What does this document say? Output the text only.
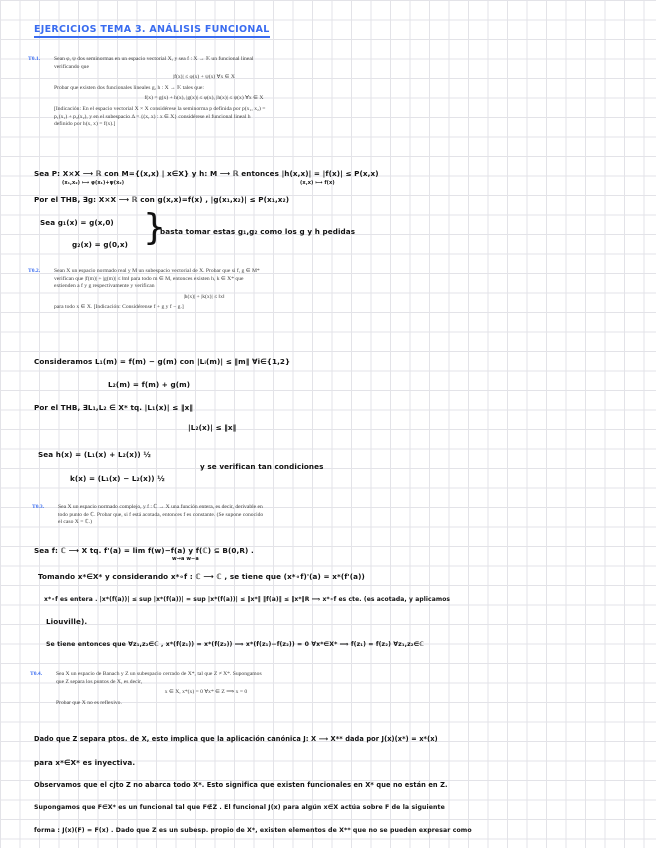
EJERCICIOS TEMA 3. ANÁLISIS FUNCIONAL
T0.1. Sean φ, ψ dos seminormas en un espacio vectorial X, y sea f : X → 𝕂 un funcional lineal

verificando que

|f(x)| ≤ φ(x) + ψ(x) ∀x ∈ X

Probar que existen dos funcionales lineales g, h : X → 𝕂 tales que:

f(x) = g(x) + h(x), |g(x)| ≤ φ(x), |h(x)| ≤ ψ(x) ∀x ∈ X

[Indicación: En el espacio vectorial X × X considérese la seminorma p definida por p(x₁, x₂) =

p₁(x₁) + p₂(x₂), y en el subespacio Δ = {(x, x) : x ∈ X} considérese el funcional lineal h

definido por h(x, x) = f(x).]

Sea P: X×X ⟶ ℝ con M={(x,x) | x∈X} y h: M ⟶ ℝ entonces |h(x,x)| = |f(x)| ≤ P(x,x)
(x₁,x₂) ⟼ φ(x₁)+ψ(x₂)	(x,x) ⟼ f(x)
Por el THB, ∃g: X×X ⟶ ℝ con g(x,x)=f(x) , |g(x₁,x₂)| ≤ P(x₁,x₂)
Sea g₁(x) = g(x,0)
g₂(x) = g(0,x) }
basta tomar estas g₁,g₂ como los g y h pedidas
T0.2. Sean X un espacio normado real y M un subespacio vectorial de X. Probar que si f, g ∈ M*

verifican que |f(m)| + |g(m)| ≤ ‖m‖ para todo m ∈ M, entonces existen h, k ∈ X* que

extienden a f y g respectivamente y verifican

|h(x)| + |k(x)| ≤ ‖x‖

para todo x ∈ X. [Indicación: Considérense f + g y f − g.]

Consideramos L₁(m) = f(m) − g(m) con |Lᵢ(m)| ≤ ‖m‖ ∀i∈{1,2}
L₂(m) = f(m) + g(m)
Por el THB, ∃L₁,L₂ ∈ X* tq. |L₁(x)| ≤ ‖x‖
|L₂(x)| ≤ ‖x‖
Sea h(x) = (L₁(x) + L₂(x)) ½
k(x) = (L₁(x) − L₂(x)) ½
y se verifican tan condiciones
T0.3. Sea X un espacio normado complejo, y f : ℂ → X una función entera, es decir, derivable en

todo punto de ℂ. Probar que, si f está acotada, entonces f es constante. (Se supone conocido

el caso X = ℂ.)

Sea f: ℂ ⟶ X tq. f'(a) = lim f(w)−f(a) y f(ℂ) ⊆ B(0,R) .
w→a w−a
Tomando x*∈X* y considerando x*∘f : ℂ ⟶ ℂ , se tiene que (x*∘f)'(a) = x*(f'(a))
x*∘f es entera . |x*(f(a))| ≤ sup |x*(f(a))| = sup |x*(f(a))| ≤ ‖x*‖ ‖f(a)‖ ≤ ‖x*‖R ⟹ x*∘f es cte. (es acotada, y aplicamos
Liouville).
Se tiene entonces que ∀z₁,z₂∈ℂ , x*(f(z₁)) = x*(f(z₂)) ⟹ x*(f(z₁)−f(z₂)) = 0 ∀x*∈X* ⟹ f(z₁) = f(z₂) ∀z₁,z₂∈ℂ
T0.4. Sea X un espacio de Banach y Z un subespacio cerrado de X*, tal que Z ≠ X*. Supongamos

que Z separa los puntos de X, es decir,

x ∈ X, x*(x) = 0 ∀x* ∈ Z ⟹ x = 0

Probar que X no es reflexivo.

Dado que Z separa ptos. de X, esto implica que la aplicación canónica J: X ⟶ X** dada por J(x)(x*) = x*(x)
para x*∈X* es inyectiva.
Observamos que el cjto Z no abarca todo X*. Esto significa que existen funcionales en X* que no están en Z.
Supongamos que F∈X* es un funcional tal que F∉Z . El funcional J(x) para algún x∈X actúa sobre F de la siguiente
forma : J(x)(F) = F(x) . Dado que Z es un subesp. propio de X*, existen elementos de X** que no se pueden expresar como
